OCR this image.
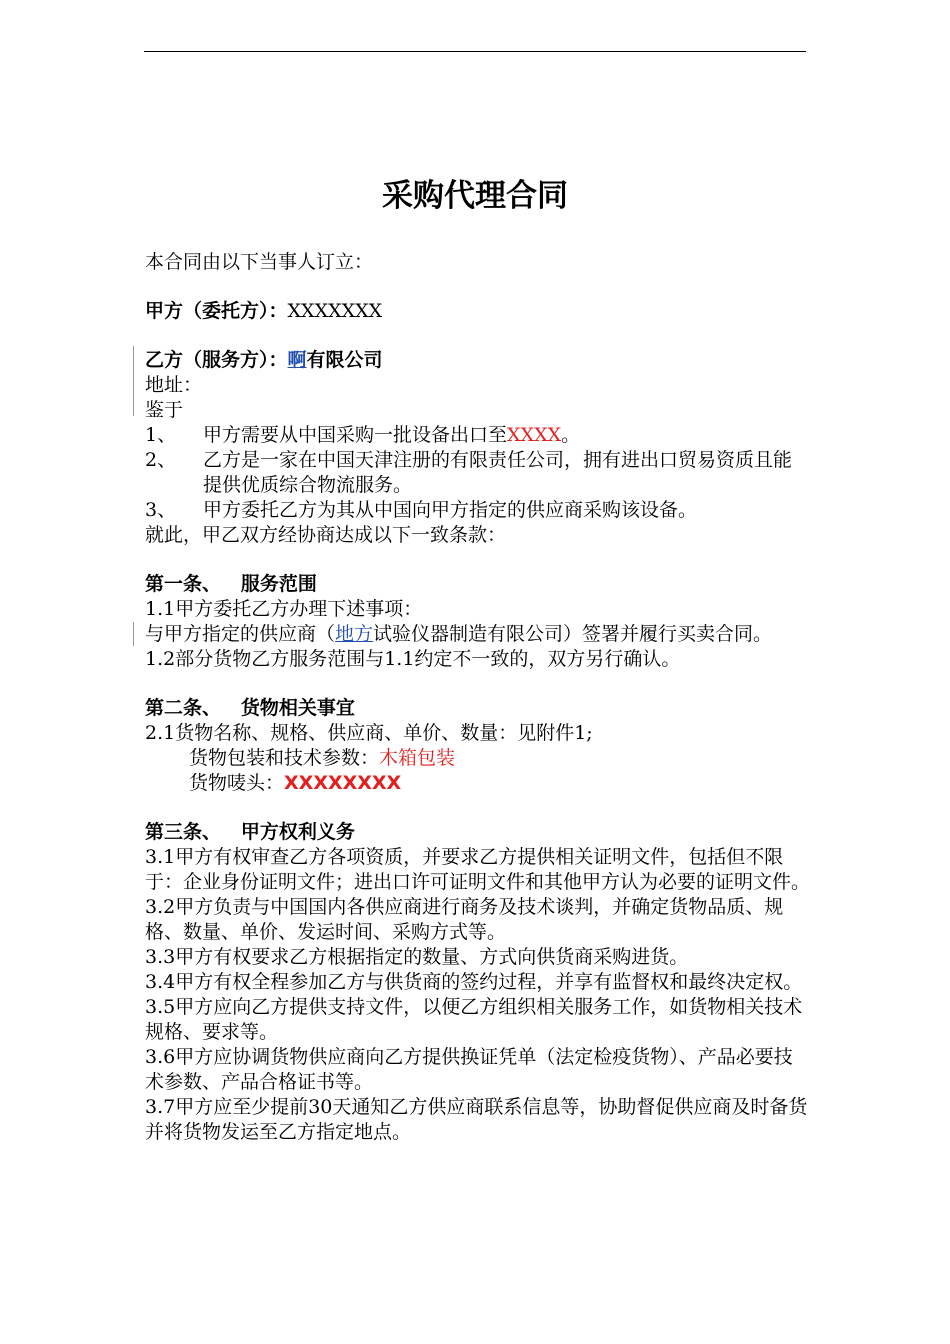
采购代理合同

本合同由以下当事人订立：

甲方（委托方）：XXXXXXX

乙方（服务方）：啊有限公司

地址：

鉴于

1、	甲方需要从中国采购一批设备出口至XXXX。
2、	乙方是一家在中国天津注册的有限责任公司，拥有进出口贸易资质且能提供优质综合物流服务。
3、	甲方委托乙方为其从中国向甲方指定的供应商采购该设备。

就此，甲乙双方经协商达成以下一致条款：

第一条、   服务范围

1.1甲方委托乙方办理下述事项：

与甲方指定的供应商（地方试验仪器制造有限公司）签署并履行买卖合同。

1.2部分货物乙方服务范围与1.1约定不一致的，双方另行确认。

第二条、   货物相关事宜

2.1货物名称、规格、供应商、单价、数量：见附件1;

货物包装和技术参数：木箱包装

货物唛头：XXXXXXXX

第三条、   甲方权利义务

3.1甲方有权审查乙方各项资质，并要求乙方提供相关证明文件，包括但不限于：企业身份证明文件；进出口许可证明文件和其他甲方认为必要的证明文件。

3.2甲方负责与中国国内各供应商进行商务及技术谈判，并确定货物品质、规格、数量、单价、发运时间、采购方式等。

3.3甲方有权要求乙方根据指定的数量、方式向供货商采购进货。

3.4甲方有权全程参加乙方与供货商的签约过程，并享有监督权和最终决定权。

3.5甲方应向乙方提供支持文件，以便乙方组织相关服务工作，如货物相关技术规格、要求等。

3.6甲方应协调货物供应商向乙方提供换证凭单（法定检疫货物）、产品必要技术参数、产品合格证书等。

3.7甲方应至少提前30天通知乙方供应商联系信息等，协助督促供应商及时备货并将货物发运至乙方指定地点。
